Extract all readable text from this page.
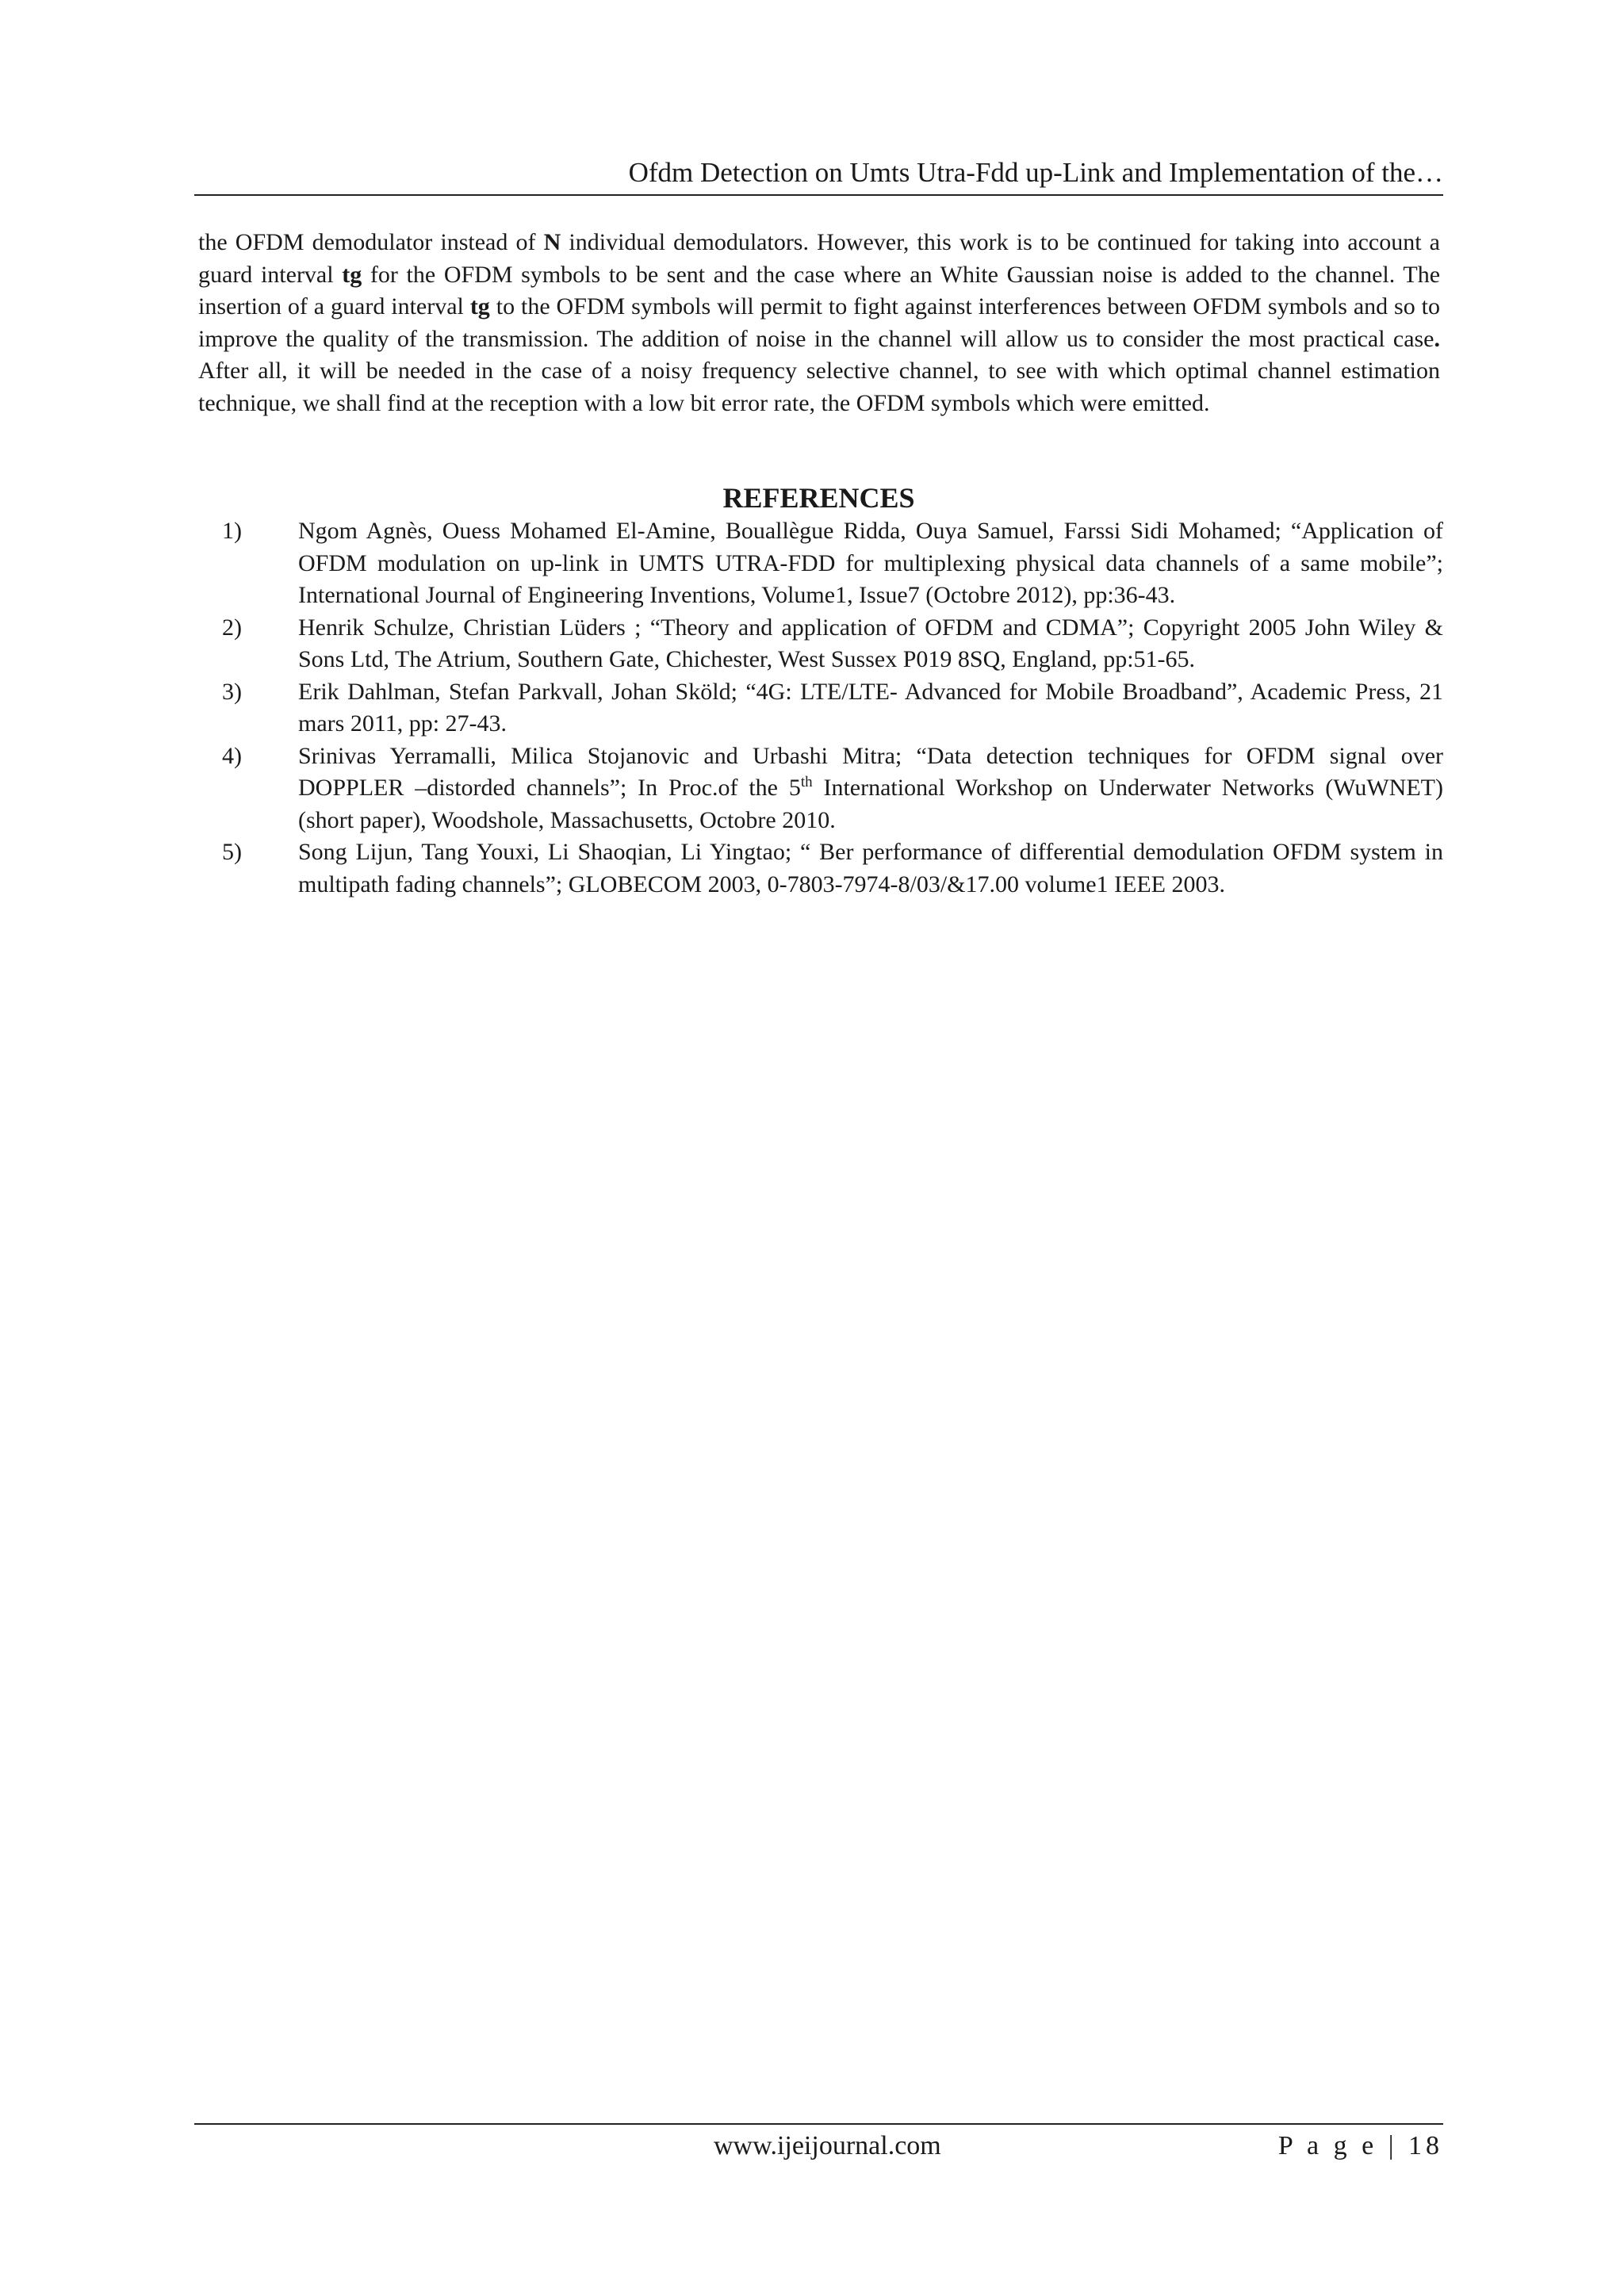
Ofdm Detection on Umts Utra-Fdd up-Link and Implementation of the…

the OFDM demodulator instead of N individual demodulators. However, this work is to be continued for taking into account a guard interval tg for the OFDM symbols to be sent and the case where an White Gaussian noise is added to the channel. The insertion of a guard interval tg to the OFDM symbols will permit to fight against interferences between OFDM symbols and so to improve the quality of the transmission. The addition of noise in the channel will allow us to consider the most practical case. After all, it will be needed in the case of a noisy frequency selective channel, to see with which optimal channel estimation technique, we shall find at the reception with a low bit error rate, the OFDM symbols which were emitted.

REFERENCES
1)	Ngom Agnès, Ouess Mohamed El-Amine, Bouallègue Ridda, Ouya Samuel, Farssi Sidi Mohamed; “Application of OFDM modulation on up-link in UMTS UTRA-FDD for multiplexing physical data channels of a same mobile”; International Journal of Engineering Inventions, Volume1, Issue7 (Octobre 2012), pp:36-43.
2)	Henrik Schulze, Christian Lüders ; “Theory and application of OFDM and CDMA”; Copyright 2005 John Wiley & Sons Ltd, The Atrium, Southern Gate, Chichester, West Sussex P019 8SQ, England, pp:51-65.
3)	Erik Dahlman, Stefan Parkvall, Johan Sköld; “4G: LTE/LTE- Advanced for Mobile Broadband”, Academic Press, 21 mars 2011, pp: 27-43.
4)	Srinivas Yerramalli, Milica Stojanovic and Urbashi Mitra; “Data detection techniques for OFDM signal over DOPPLER –distorded channels”; In Proc.of the 5th International Workshop on Underwater Networks (WuWNET) (short paper), Woodshole, Massachusetts, Octobre 2010.
5)	Song Lijun, Tang Youxi, Li Shaoqian, Li Yingtao; “ Ber performance of differential demodulation OFDM system in multipath fading channels”; GLOBECOM 2003, 0-7803-7974-8/03/&17.00 volume1 IEEE 2003.
www.ijeijournal.com	P a g e | 18
